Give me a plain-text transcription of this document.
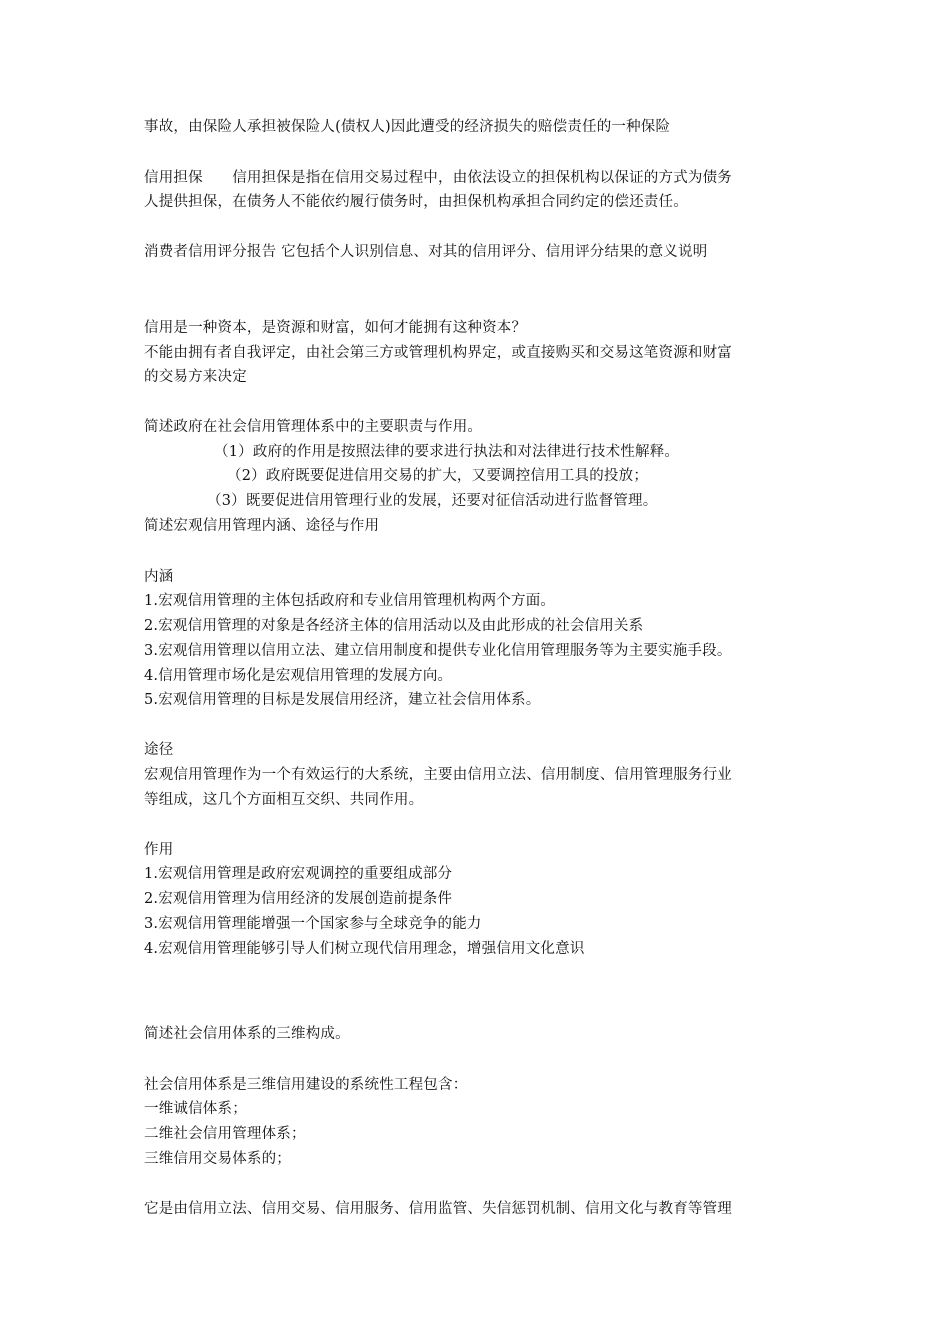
事故，由保险人承担被保险人(债权人)因此遭受的经济损失的赔偿责任的一种保险
信用担保　　信用担保是指在信用交易过程中，由依法设立的担保机构以保证的方式为债务
人提供担保，在债务人不能依约履行债务时，由担保机构承担合同约定的偿还责任。
消费者信用评分报告 它包括个人识别信息、对其的信用评分、信用评分结果的意义说明
信用是一种资本，是资源和财富，如何才能拥有这种资本？
不能由拥有者自我评定，由社会第三方或管理机构界定，或直接购买和交易这笔资源和财富
的交易方来决定
简述政府在社会信用管理体系中的主要职责与作用。
（1）政府的作用是按照法律的要求进行执法和对法律进行技术性解释。
（2）政府既要促进信用交易的扩大，又要调控信用工具的投放；
（3）既要促进信用管理行业的发展，还要对征信活动进行监督管理。
简述宏观信用管理内涵、途径与作用
内涵
1.宏观信用管理的主体包括政府和专业信用管理机构两个方面。
2.宏观信用管理的对象是各经济主体的信用活动以及由此形成的社会信用关系
3.宏观信用管理以信用立法、建立信用制度和提供专业化信用管理服务等为主要实施手段。
4.信用管理市场化是宏观信用管理的发展方向。
5.宏观信用管理的目标是发展信用经济，建立社会信用体系。
途径
宏观信用管理作为一个有效运行的大系统，主要由信用立法、信用制度、信用管理服务行业
等组成，这几个方面相互交织、共同作用。
作用
1.宏观信用管理是政府宏观调控的重要组成部分
2.宏观信用管理为信用经济的发展创造前提条件
3.宏观信用管理能增强一个国家参与全球竞争的能力
4.宏观信用管理能够引导人们树立现代信用理念，增强信用文化意识
简述社会信用体系的三维构成。
社会信用体系是三维信用建设的系统性工程包含：
一维诚信体系；
二维社会信用管理体系；
三维信用交易体系的；
它是由信用立法、信用交易、信用服务、信用监管、失信惩罚机制、信用文化与教育等管理
